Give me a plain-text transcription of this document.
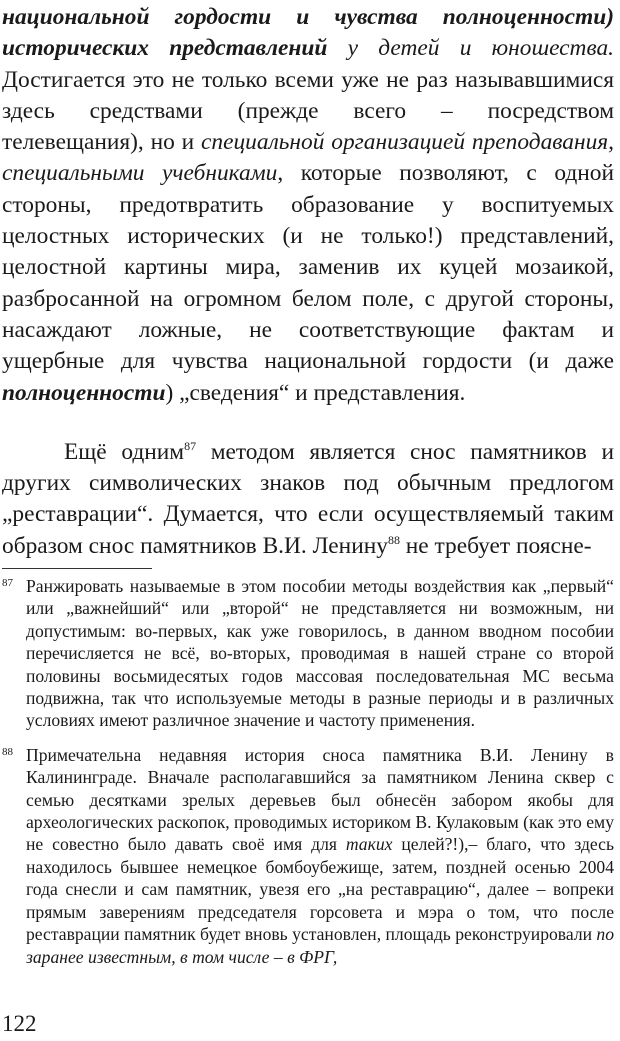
национальной гордости и чувства полноценности) исторических представлений у детей и юношества. Достигается это не только всеми уже не раз называвшимися здесь средствами (прежде всего – посредством телевещания), но и специальной организацией преподавания, специальными учебниками, которые позволяют, с одной стороны, предотвратить образование у воспитуемых целостных исторических (и не только!) представлений, целостной картины мира, заменив их куцей мозаикой, разбросанной на огромном белом поле, с другой стороны, насаждают ложные, не соответствующие фактам и ущербные для чувства национальной гордости (и даже полноценности) „сведения“ и представления.

Ещё одним$^{87}$ методом является снос памятников и других символических знаков под обычным предлогом „реставрации“. Думается, что если осуществляемый таким образом снос памятников В.И. Ленину$^{88}$ не требует поясне-

87 Ранжировать называемые в этом пособии методы воздействия как „первый“ или „важнейший“ или „второй“ не представляется ни возможным, ни допустимым: во-первых, как уже говорилось, в данном вводном пособии перечисляется не всё, во-вторых, проводимая в нашей стране со второй половины восьмидесятых годов массовая последовательная МС весьма подвижна, так что используемые методы в разные периоды и в различных условиях имеют различное значение и частоту применения.

88 Примечательна недавняя история сноса памятника В.И. Ленину в Калининграде. Вначале располагавшийся за памятником Ленина сквер с семью десятками зрелых деревьев был обнесён забором якобы для археологических раскопок, проводимых историком В. Кулаковым (как это ему не совестно было давать своё имя для таких целей?!),– благо, что здесь находилось бывшее немецкое бомбоубежище, затем, поздней осенью 2004 года снесли и сам памятник, увезя его „на реставрацию“, далее – вопреки прямым заверениям председателя горсовета и мэра о том, что после реставрации памятник будет вновь установлен, площадь реконструировали по заранее известным, в том числе – в ФРГ,

122
